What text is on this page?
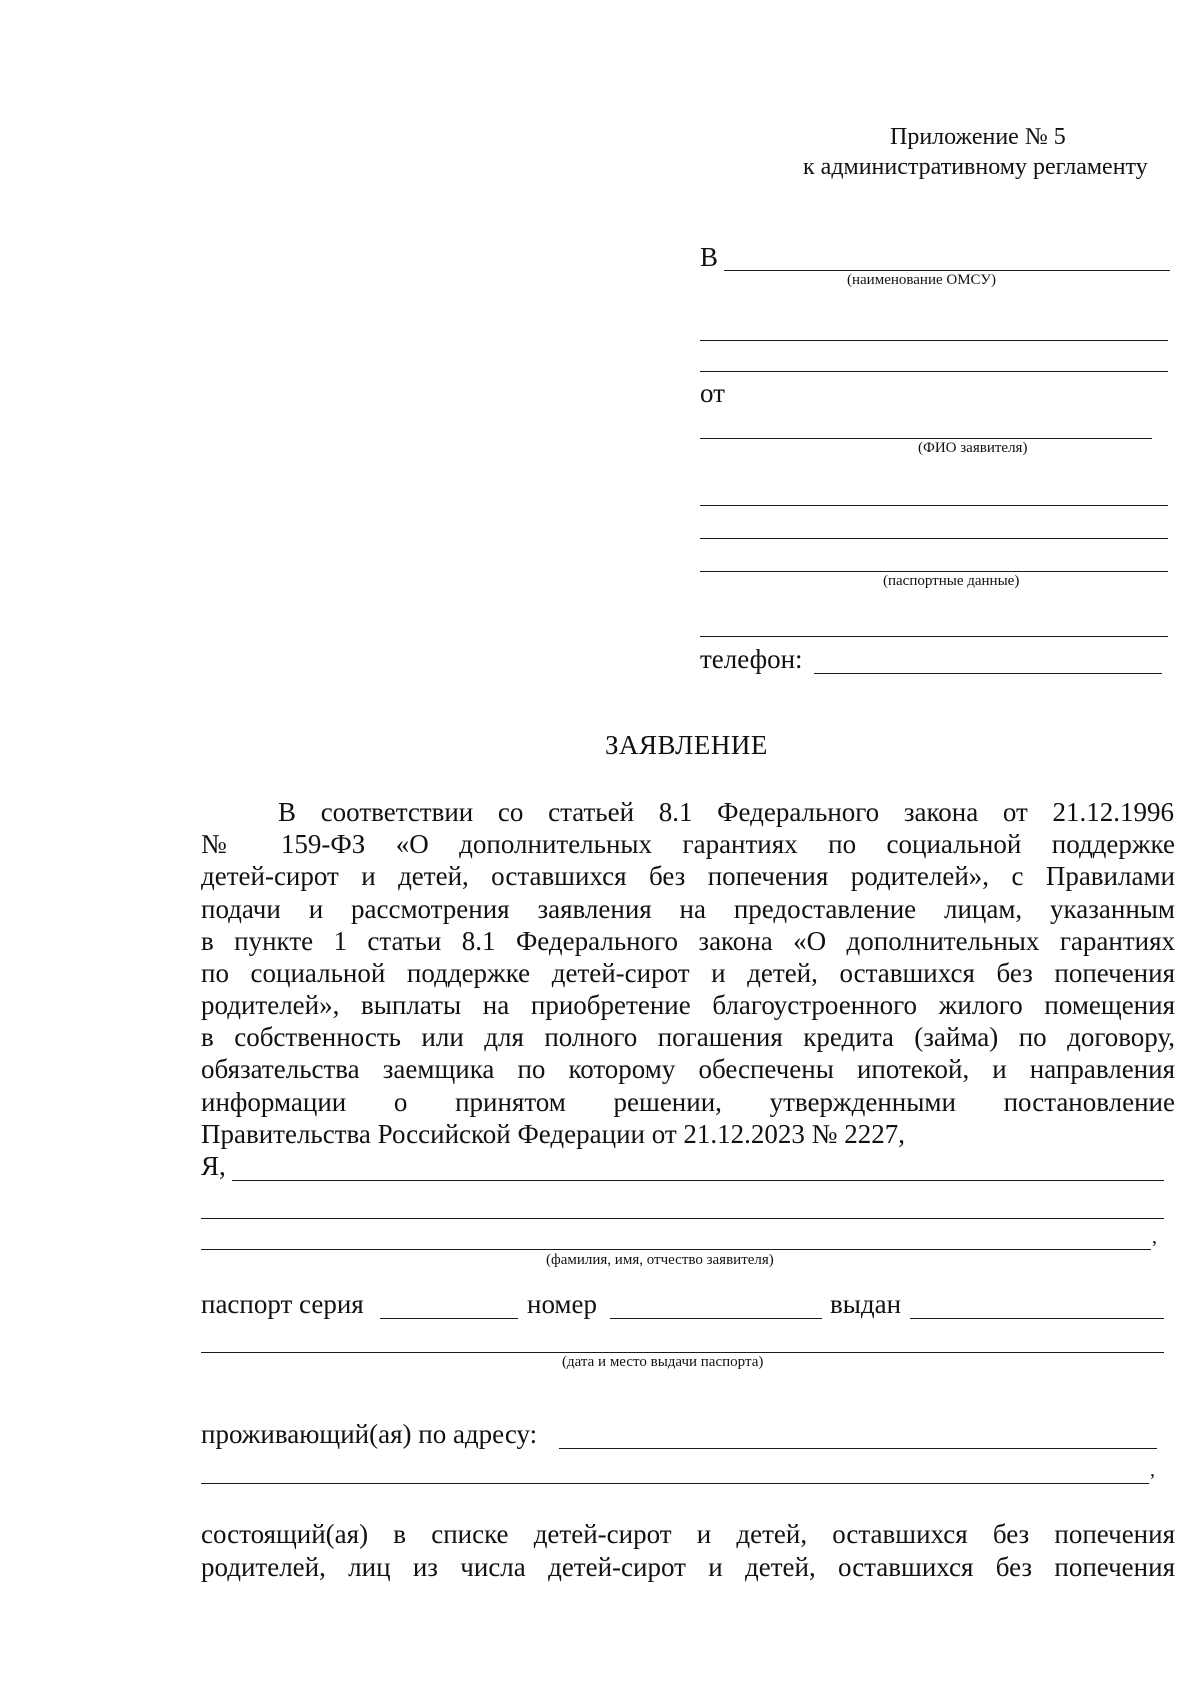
Приложение № 5
к административному регламенту
В
(наименование ОМСУ)
от
(ФИО заявителя)
(паспортные данные)
телефон:
ЗАЯВЛЕНИЕ
В соответствии со статьей 8.1 Федерального закона от 21.12.1996
№ 159-ФЗ «О дополнительных гарантиях по социальной поддержке
детей-сирот и детей, оставшихся без попечения родителей», с Правилами
подачи и рассмотрения заявления на предоставление лицам, указанным
в пункте 1 статьи 8.1 Федерального закона «О дополнительных гарантиях
по социальной поддержке детей-сирот и детей, оставшихся без попечения
родителей», выплаты на приобретение благоустроенного жилого помещения
в собственность или для полного погашения кредита (займа) по договору,
обязательства заемщика по которому обеспечены ипотекой, и направления
информации о принятом решении, утвержденными постановление
Правительства Российской Федерации от 21.12.2023 № 2227,
Я,
,
(фамилия, имя, отчество заявителя)
паспорт серия	номер	выдан
(дата и место выдачи паспорта)
проживающий(ая) по адресу:
,
состоящий(ая) в списке детей-сирот и детей, оставшихся без попечения
родителей, лиц из числа детей-сирот и детей, оставшихся без попечения
